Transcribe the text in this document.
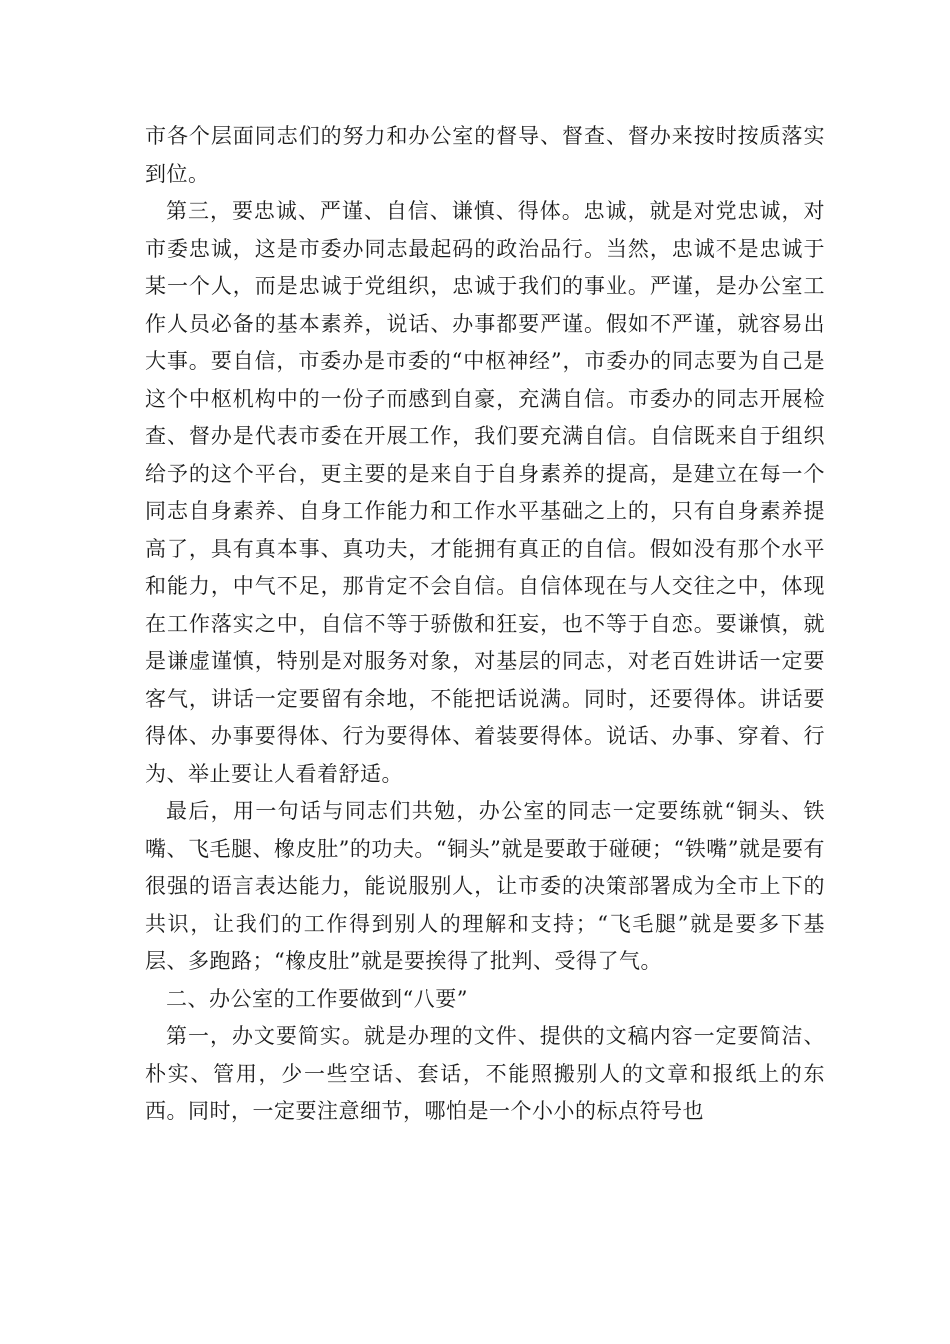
市各个层面同志们的努力和办公室的督导、督查、督办来按时按质落实到位。

第三，要忠诚、严谨、自信、谦慎、得体。忠诚，就是对党忠诚，对市委忠诚，这是市委办同志最起码的政治品行。当然，忠诚不是忠诚于某一个人，而是忠诚于党组织，忠诚于我们的事业。严谨，是办公室工作人员必备的基本素养，说话、办事都要严谨。假如不严谨，就容易出大事。要自信，市委办是市委的“中枢神经”，市委办的同志要为自己是这个中枢机构中的一份子而感到自豪，充满自信。市委办的同志开展检查、督办是代表市委在开展工作，我们要充满自信。自信既来自于组织给予的这个平台，更主要的是来自于自身素养的提高，是建立在每一个同志自身素养、自身工作能力和工作水平基础之上的，只有自身素养提高了，具有真本事、真功夫，才能拥有真正的自信。假如没有那个水平和能力，中气不足，那肯定不会自信。自信体现在与人交往之中，体现在工作落实之中，自信不等于骄傲和狂妄，也不等于自恋。要谦慎，就是谦虚谨慎，特别是对服务对象，对基层的同志，对老百姓讲话一定要客气，讲话一定要留有余地，不能把话说满。同时，还要得体。讲话要得体、办事要得体、行为要得体、着装要得体。说话、办事、穿着、行为、举止要让人看着舒适。

最后，用一句话与同志们共勉，办公室的同志一定要练就“铜头、铁嘴、飞毛腿、橡皮肚”的功夫。“铜头”就是要敢于碰硬；“铁嘴”就是要有很强的语言表达能力，能说服别人，让市委的决策部署成为全市上下的共识，让我们的工作得到别人的理解和支持；“飞毛腿”就是要多下基层、多跑路；“橡皮肚”就是要挨得了批判、受得了气。

二、办公室的工作要做到“八要”

第一，办文要简实。就是办理的文件、提供的文稿内容一定要简洁、朴实、管用，少一些空话、套话，不能照搬别人的文章和报纸上的东西。同时，一定要注意细节，哪怕是一个小小的标点符号也
